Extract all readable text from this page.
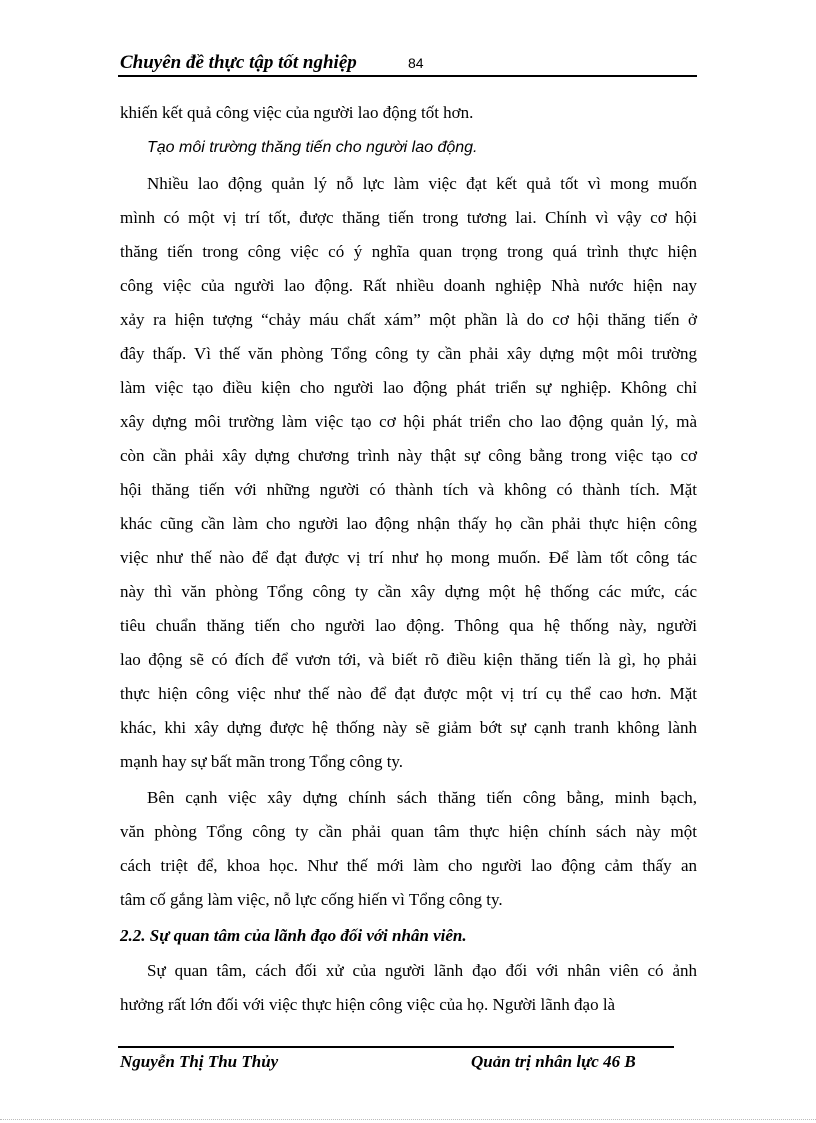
Chuyên đề thực tập tốt nghiệp	84
khiến kết quả công việc của người lao động tốt hơn.
Tạo môi trường thăng tiến cho người lao động.
Nhiều lao động quản lý nỗ lực làm việc đạt kết quả tốt vì mong muốn
mình có một vị trí tốt, được thăng tiến trong tương lai. Chính vì vậy cơ hội
thăng tiến trong công việc có ý nghĩa quan trọng trong quá trình thực hiện
công việc của người lao động. Rất nhiều doanh nghiệp Nhà nước hiện nay
xảy ra hiện tượng “chảy máu chất xám” một phần là do cơ hội thăng tiến ở
đây thấp. Vì thế văn phòng Tổng công ty cần phải xây dựng một môi trường
làm việc tạo điều kiện cho người lao động phát triển sự nghiệp. Không chỉ
xây dựng môi trường làm việc tạo cơ hội phát triển cho lao động quản lý, mà
còn cần phải xây dựng chương trình này thật sự công bằng trong việc tạo cơ
hội thăng tiến với những người có thành tích và không có thành tích. Mặt
khác cũng cần làm cho người lao động nhận thấy họ cần phải thực hiện công
việc như thế nào để đạt được vị trí như họ mong muốn. Để làm tốt công tác
này thì văn phòng Tổng công ty cần xây dựng một hệ thống các mức, các
tiêu chuẩn thăng tiến cho người lao động. Thông qua hệ thống này, người
lao động sẽ có đích để vươn tới, và biết rõ điều kiện thăng tiến là gì, họ phải
thực hiện công việc như thế nào để đạt được một vị trí cụ thể cao hơn. Mặt
khác, khi xây dựng được hệ thống này sẽ giảm bớt sự cạnh tranh không lành
mạnh hay sự bất mãn trong Tổng công ty.
Bên cạnh việc xây dựng chính sách thăng tiến công bằng, minh bạch,
văn phòng Tổng công ty cần phải quan tâm thực hiện chính sách này một
cách triệt để, khoa học. Như thế mới làm cho người lao động cảm thấy an
tâm cố gắng làm việc, nỗ lực cống hiến vì Tổng công ty.
2.2. Sự quan tâm của lãnh đạo đối với nhân viên.
Sự quan tâm, cách đối xử của người lãnh đạo đối với nhân viên có ảnh
hưởng rất lớn đối với việc thực hiện công việc của họ. Người lãnh đạo là
Nguyễn Thị Thu Thủy	Quản trị nhân lực 46 B
